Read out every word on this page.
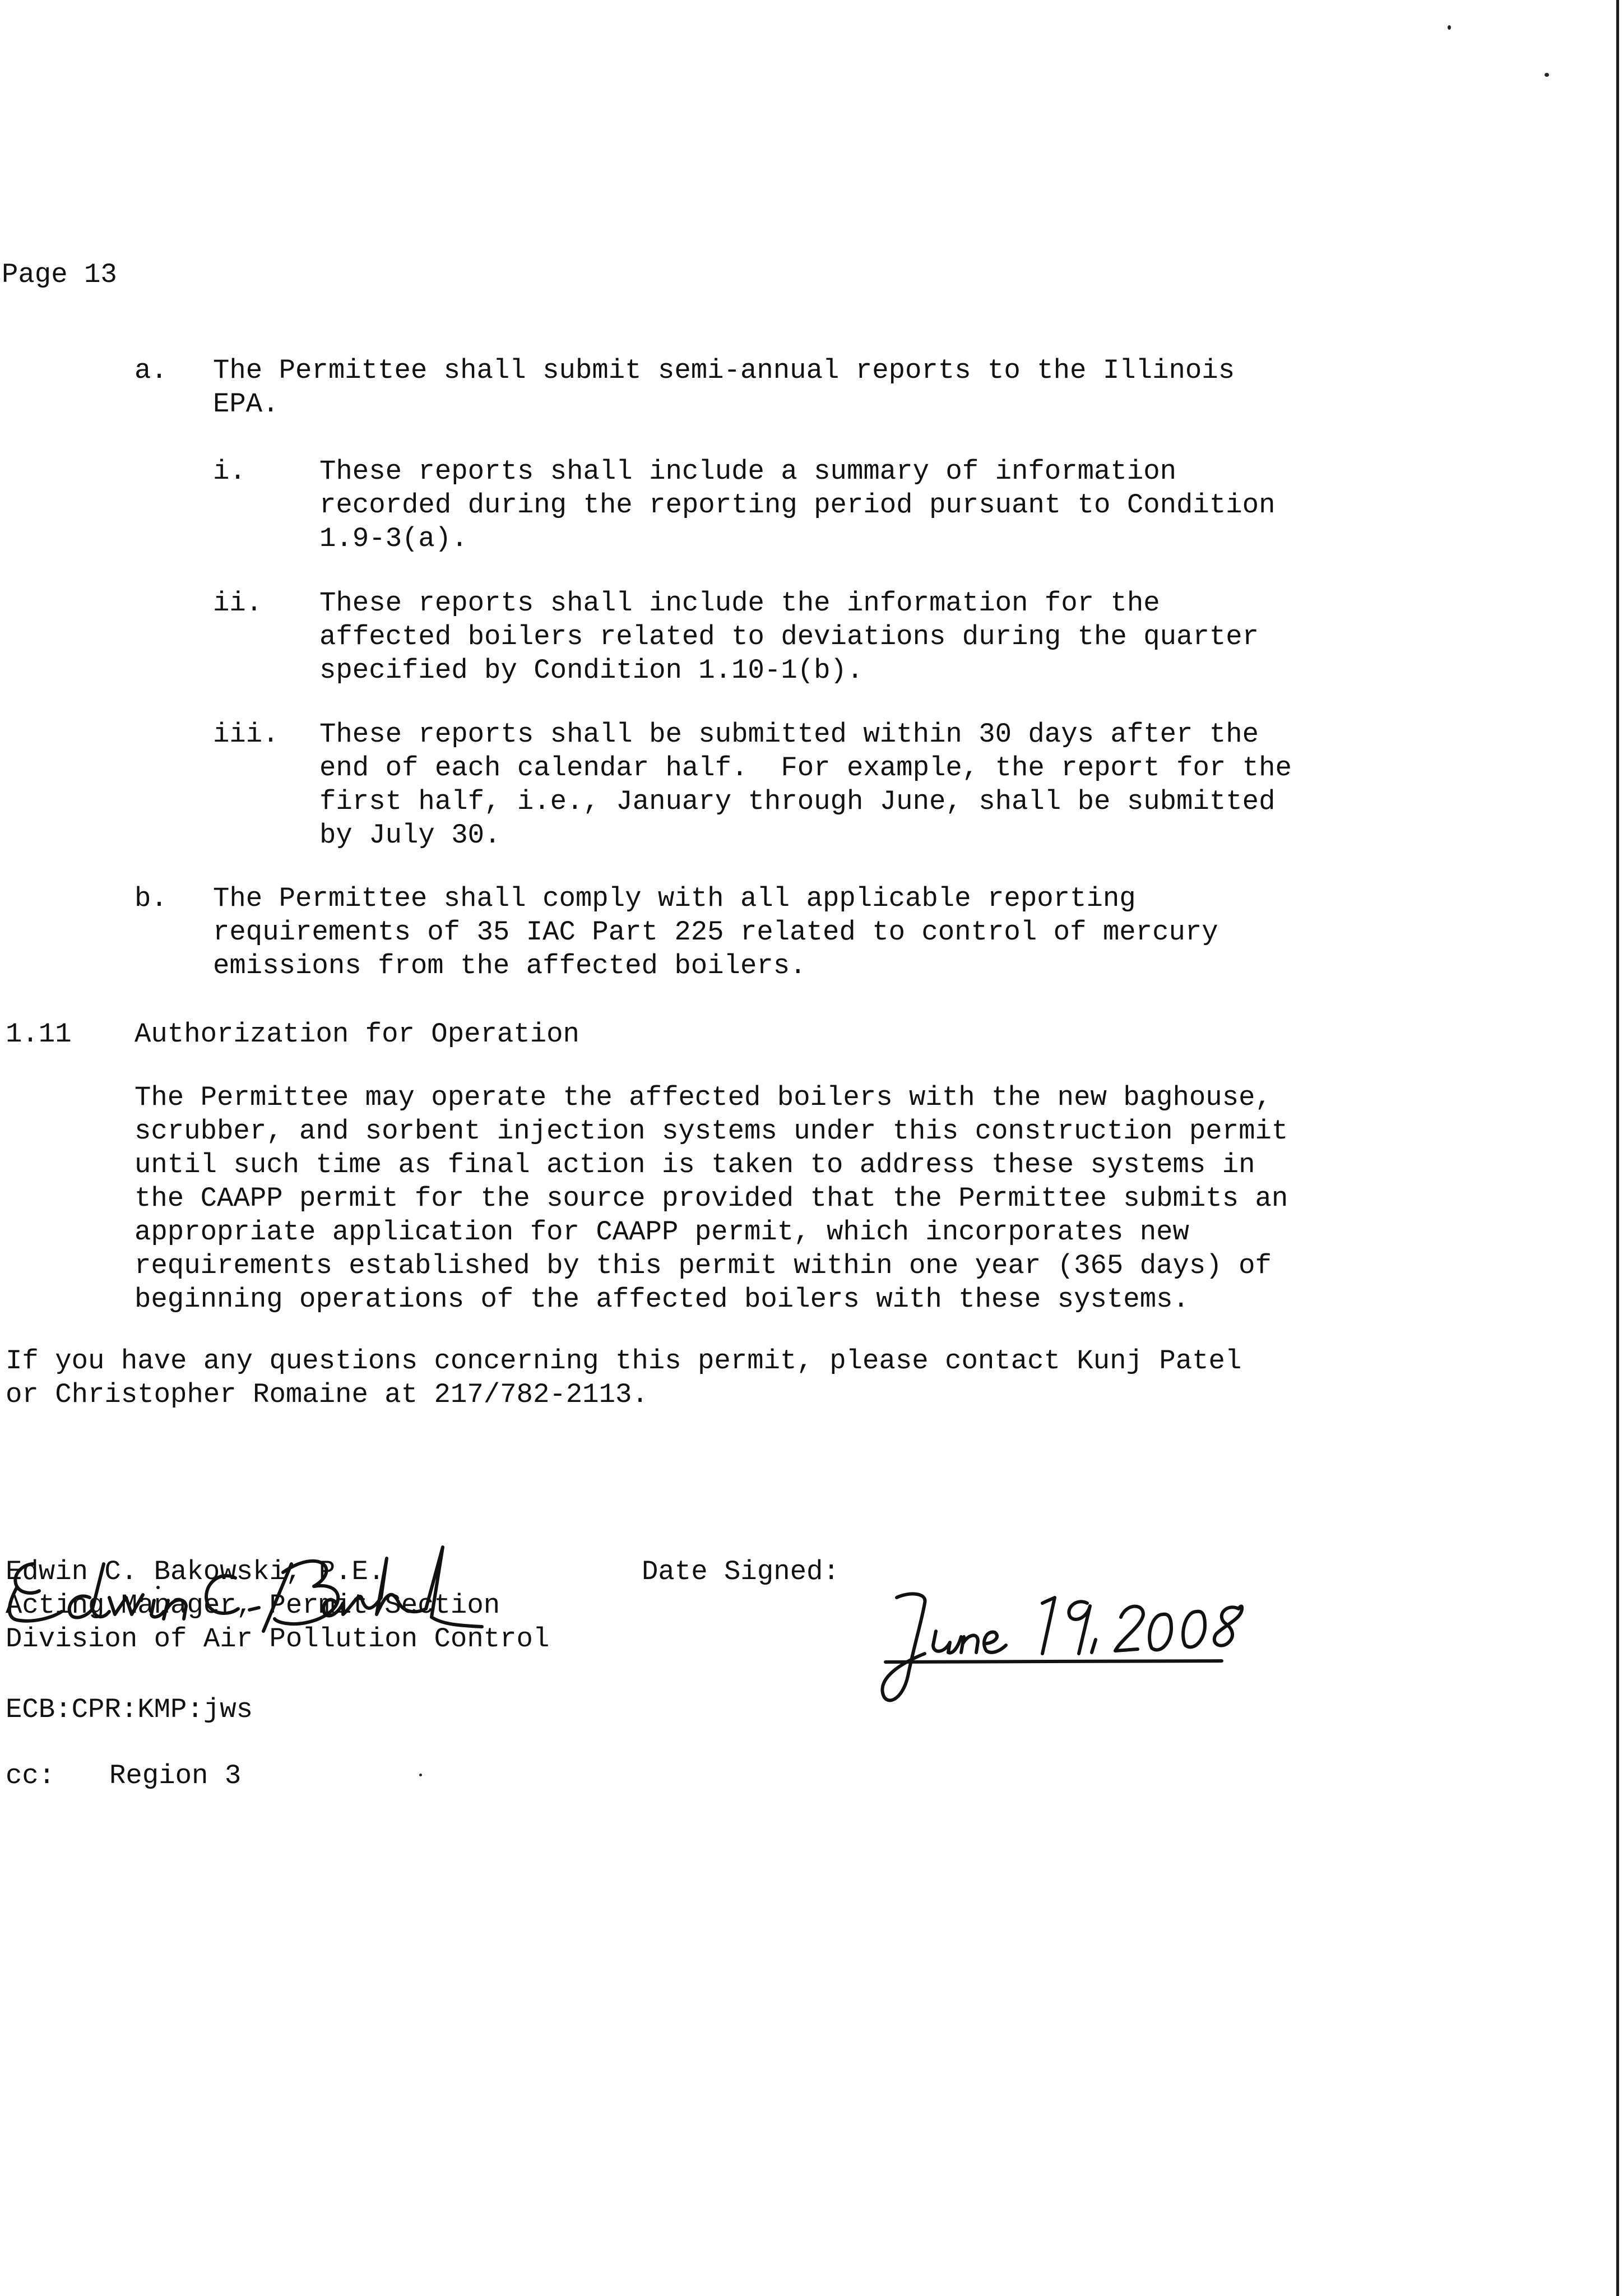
Page 13
a. The Permittee shall submit semi-annual reports to the Illinois
EPA.
i.	These reports shall include a summary of information
recorded during the reporting period pursuant to Condition
1.9-3(a).
ii. These reports shall include the information for the
affected boilers related to deviations during the quarter
specified by Condition 1.10-1(b).
iii. These reports shall be submitted within 30 days after the
end of each calendar half.  For example, the report for the
first half, i.e., January through June, shall be submitted
by July 30.
b. The Permittee shall comply with all applicable reporting
requirements of 35 IAC Part 225 related to control of mercury
emissions from the affected boilers.
1.11 Authorization for Operation
The Permittee may operate the affected boilers with the new baghouse,
scrubber, and sorbent injection systems under this construction permit
until such time as final action is taken to address these systems in
the CAAPP permit for the source provided that the Permittee submits an
appropriate application for CAAPP permit, which incorporates new
requirements established by this permit within one year (365 days) of
beginning operations of the affected boilers with these systems.
If you have any questions concerning this permit, please contact Kunj Patel
or Christopher Romaine at 217/782-2113.

Edwin C. Bakowski, P.E.
Acting Manager, Permit Section
Division of Air Pollution Control
Date Signed:

ECB:CPR:KMP:jws
cc: Region 3
